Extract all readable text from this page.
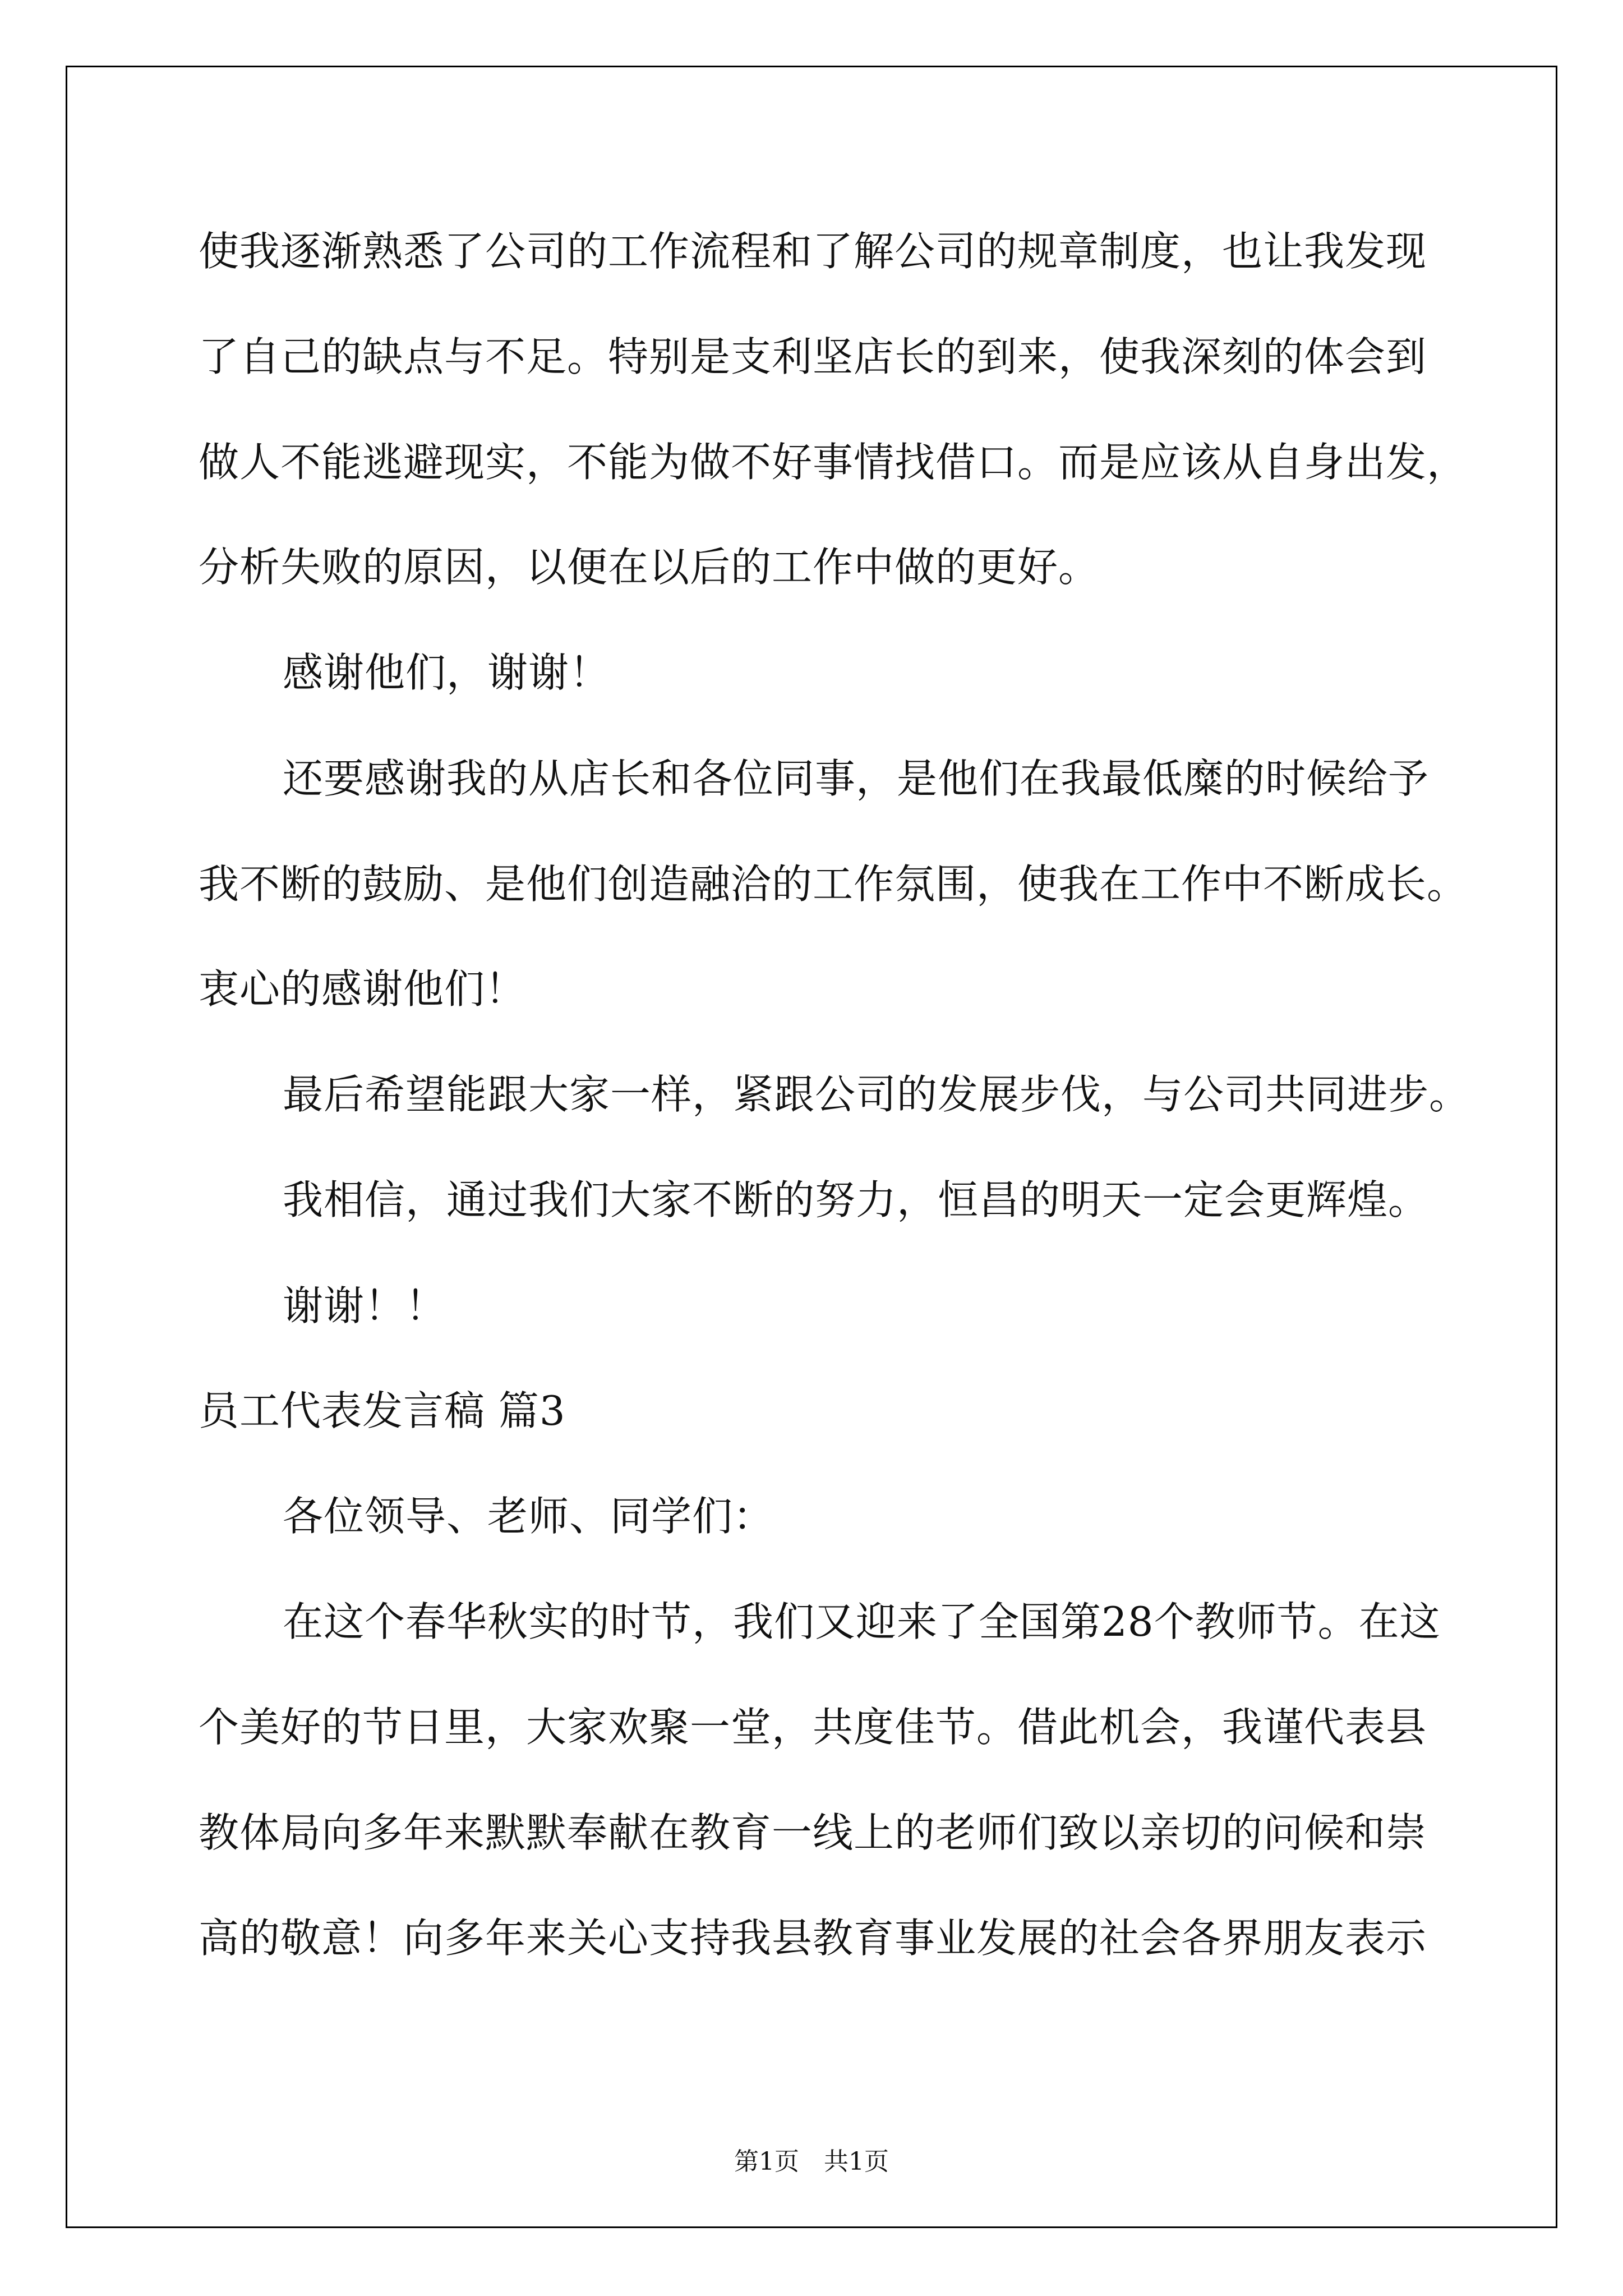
使我逐渐熟悉了公司的工作流程和了解公司的规章制度，也让我发现
了自己的缺点与不足。特别是支利坚店长的到来，使我深刻的体会到
做人不能逃避现实，不能为做不好事情找借口。而是应该从自身出发，
分析失败的原因，以便在以后的工作中做的更好。
感谢他们，谢谢！
还要感谢我的从店长和各位同事，是他们在我最低糜的时候给予
我不断的鼓励、是他们创造融洽的工作氛围，使我在工作中不断成长。
衷心的感谢他们！
最后希望能跟大家一样，紧跟公司的发展步伐，与公司共同进步。
我相信，通过我们大家不断的努力，恒昌的明天一定会更辉煌。
谢谢！！
员工代表发言稿 篇3
各位领导、老师、同学们：
在这个春华秋实的时节，我们又迎来了全国第28个教师节。在这
个美好的节日里，大家欢聚一堂，共度佳节。借此机会，我谨代表县
教体局向多年来默默奉献在教育一线上的老师们致以亲切的问候和崇
高的敬意！向多年来关心支持我县教育事业发展的社会各界朋友表示
第1页　共1页
